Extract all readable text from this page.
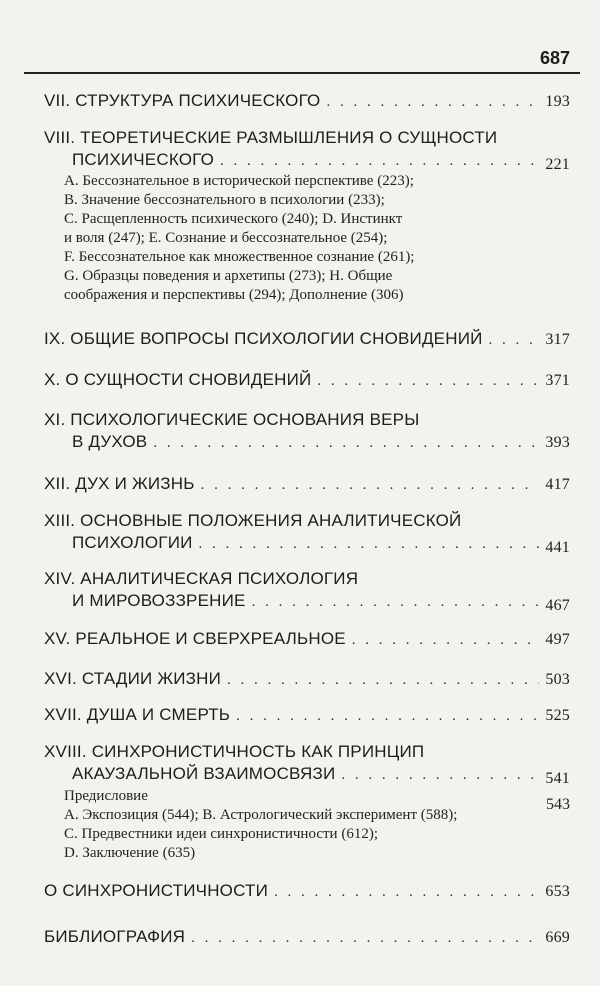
687
VII. СТРУКТУРА ПСИХИЧЕСКОГО . . .	193
VIII. ТЕОРЕТИЧЕСКИЕ РАЗМЫШЛЕНИЯ О СУЩНОСТИ
ПСИХИЧЕСКОГО . . .	221
A. Бессознательное в исторической перспективе (223);
B. Значение бессознательного в психологии (233);
C. Расщепленность психического (240); D. Инстинкт
и воля (247); E. Сознание и бессознательное (254);
F. Бессознательное как множественное сознание (261);
G. Образцы поведения и архетипы (273); H. Общие
соображения и перспективы (294); Дополнение (306)
IX. ОБЩИЕ ВОПРОСЫ ПСИХОЛОГИИ СНОВИДЕНИЙ . . .	317
X. О СУЩНОСТИ СНОВИДЕНИЙ . . .	371
XI. ПСИХОЛОГИЧЕСКИЕ ОСНОВАНИЯ ВЕРЫ
В ДУХОВ . . .	393
XII. ДУХ И ЖИЗНЬ . . .	417
XIII. ОСНОВНЫЕ ПОЛОЖЕНИЯ АНАЛИТИЧЕСКОЙ
ПСИХОЛОГИИ . . .	441
XIV. АНАЛИТИЧЕСКАЯ ПСИХОЛОГИЯ
И МИРОВОЗЗРЕНИЕ . . .	467
XV. РЕАЛЬНОЕ И СВЕРХРЕАЛЬНОЕ . . .	497
XVI. СТАДИИ ЖИЗНИ . . .	503
XVII. ДУША И СМЕРТЬ . . .	525
XVIII. СИНХРОНИСТИЧНОСТЬ КАК ПРИНЦИП
АКАУЗАЛЬНОЙ ВЗАИМОСВЯЗИ . . .	541
Предисловие	543
A. Экспозиция (544); B. Астрологический эксперимент (588);
C. Предвестники идеи синхронистичности (612);
D. Заключение (635)
О СИНХРОНИСТИЧНОСТИ . . .	653
БИБЛИОГРАФИЯ . . .	669
